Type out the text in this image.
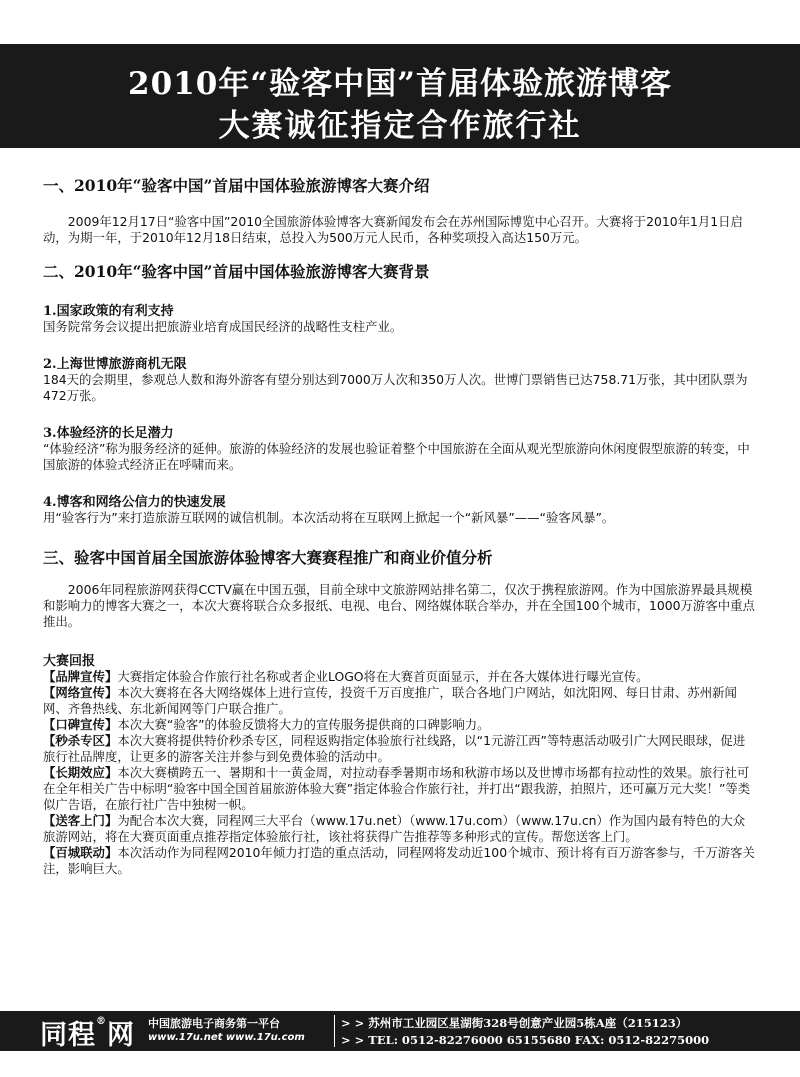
2010年“验客中国”首届体验旅游博客
大赛诚征指定合作旅行社

一、2010年“验客中国”首届中国体验旅游博客大赛介绍

2009年12月17日“验客中国”2010全国旅游体验博客大赛新闻发布会在苏州国际博览中心召开。大赛将于2010年1月1日启动，为期一年，于2010年12月18日结束，总投入为500万元人民币，各种奖项投入高达150万元。

二、2010年“验客中国”首届中国体验旅游博客大赛背景

1.国家政策的有利支持

国务院常务会议提出把旅游业培育成国民经济的战略性支柱产业。

2.上海世博旅游商机无限

184天的会期里，参观总人数和海外游客有望分别达到7000万人次和350万人次。世博门票销售已达758.71万张，其中团队票为472万张。

3.体验经济的长足潜力

“体验经济”称为服务经济的延伸。旅游的体验经济的发展也验证着整个中国旅游在全面从观光型旅游向休闲度假型旅游的转变，中国旅游的体验式经济正在呼啸而来。

4.博客和网络公信力的快速发展

用“验客行为”来打造旅游互联网的诚信机制。本次活动将在互联网上掀起一个“新风暴”——“验客风暴”。

三、验客中国首届全国旅游体验博客大赛赛程推广和商业价值分析

2006年同程旅游网获得CCTV赢在中国五强，目前全球中文旅游网站排名第二，仅次于携程旅游网。作为中国旅游界最具规模和影响力的博客大赛之一，本次大赛将联合众多报纸、电视、电台、网络媒体联合举办，并在全国100个城市，1000万游客中重点推出。

大赛回报

【品牌宣传】大赛指定体验合作旅行社名称或者企业LOGO将在大赛首页面显示，并在各大媒体进行曝光宣传。

【网络宣传】本次大赛将在各大网络媒体上进行宣传，投资千万百度推广，联合各地门户网站，如沈阳网、每日甘肃、苏州新闻网、齐鲁热线、东北新闻网等门户联合推广。

【口碑宣传】本次大赛“验客”的体验反馈将大力的宣传服务提供商的口碑影响力。

【秒杀专区】本次大赛将提供特价秒杀专区，同程返购指定体验旅行社线路，以“1元游江西”等特惠活动吸引广大网民眼球，促进旅行社品牌度，让更多的游客关注并参与到免费体验的活动中。

【长期效应】本次大赛横跨五一、暑期和十一黄金周，对拉动春季暑期市场和秋游市场以及世博市场都有拉动性的效果。旅行社可在全年相关广告中标明“验客中国全国首届旅游体验大赛”指定体验合作旅行社，并打出“跟我游，拍照片，还可赢万元大奖！”等类似广告语，在旅行社广告中独树一帜。

【送客上门】为配合本次大赛，同程网三大平台（www.17u.net）（www.17u.com）（www.17u.cn）作为国内最有特色的大众旅游网站，将在大赛页面重点推荐指定体验旅行社，该社将获得广告推荐等多种形式的宣传。帮您送客上门。

【百城联动】本次活动作为同程网2010年倾力打造的重点活动，同程网将发动近100个城市、预计将有百万游客参与，千万游客关注，影响巨大。

同程®网 中国旅游电子商务第一平台
www.17u.net www.17u.com
> > 苏州市工业园区星湖街328号创意产业园5栋A座（215123）
> > TEL: 0512-82276000 65155680 FAX: 0512-82275000
